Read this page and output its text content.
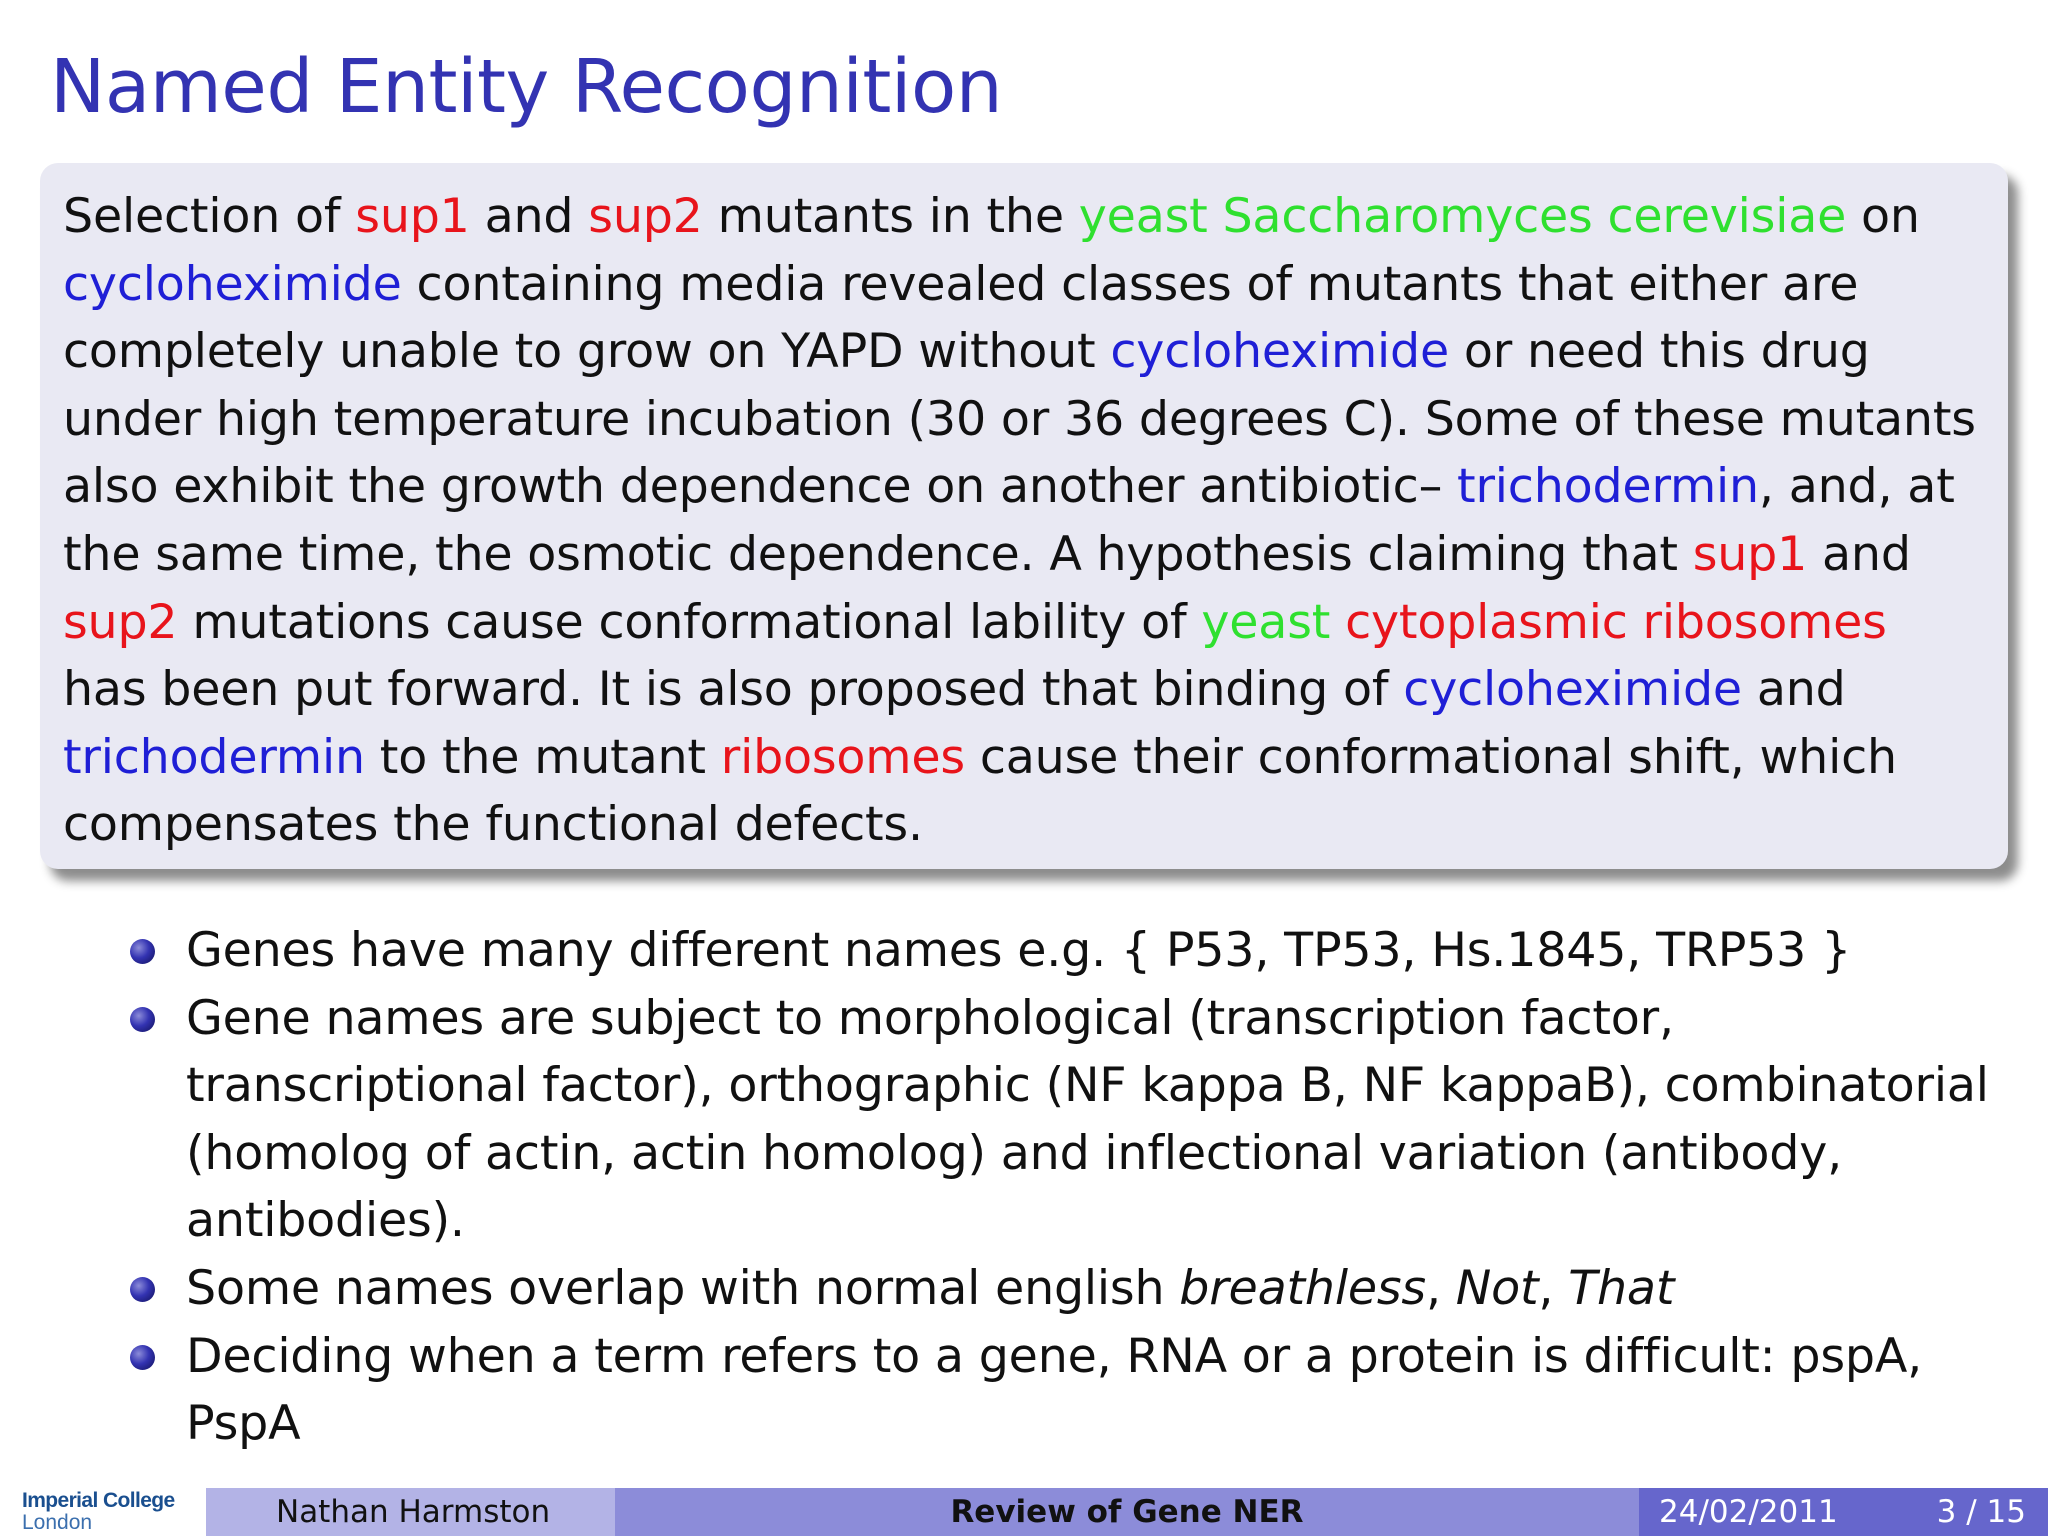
Named Entity Recognition

Selection of sup1 and sup2 mutants in the yeast Saccharomyces cerevisiae on cycloheximide containing media revealed classes of mutants that either are completely unable to grow on YAPD without cycloheximide or need this drug under high temperature incubation (30 or 36 degrees C). Some of these mutants also exhibit the growth dependence on another antibiotic– trichodermin, and, at the same time, the osmotic dependence. A hypothesis claiming that sup1 and sup2 mutations cause conformational lability of yeast cytoplasmic ribosomes has been put forward. It is also proposed that binding of cycloheximide and trichodermin to the mutant ribosomes cause their conformational shift, which compensates the functional defects.

Genes have many different names e.g. { P53, TP53, Hs.1845, TRP53 }
Gene names are subject to morphological (transcription factor, transcriptional factor), orthographic (NF kappa B, NF kappaB), combinatorial (homolog of actin, actin homolog) and inflectional variation (antibody, antibodies).
Some names overlap with normal english breathless, Not, That
Deciding when a term refers to a gene, RNA or a protein is difficult: pspA, PspA
Imperial College
London	Nathan Harmston	Review of Gene NER	24/02/2011	3 / 15
